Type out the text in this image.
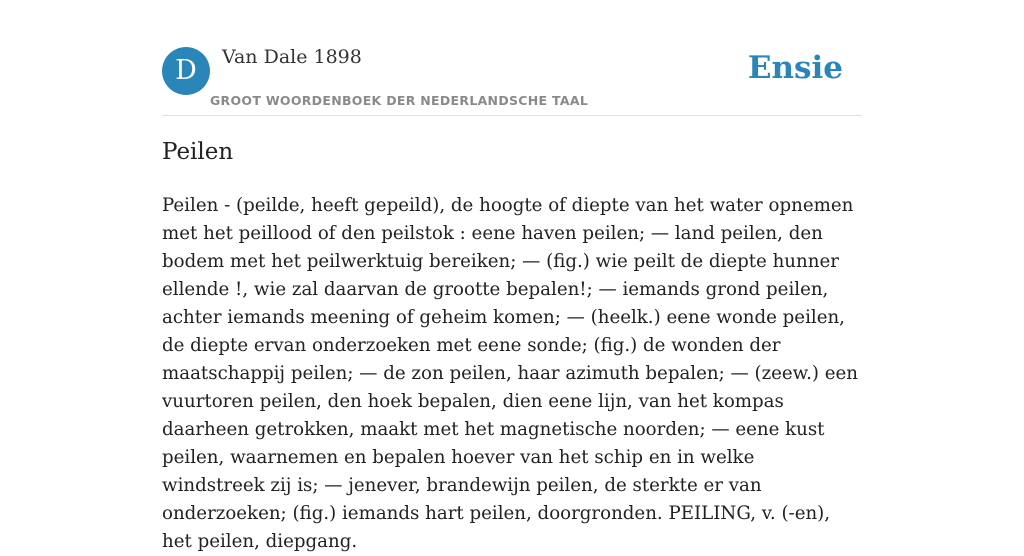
D	Van Dale 1898
GROOT WOORDENBOEK DER NEDERLANDSCHE TAAL
Ensie
Peilen

Peilen - (peilde, heeft gepeild), de hoogte of diepte van het water opnemen met het peillood of den peilstok : eene haven peilen; — land peilen, den bodem met het peilwerktuig bereiken; — (fig.) wie peilt de diepte hunner ellende !, wie zal daarvan de grootte bepalen!; — iemands grond peilen, achter iemands meening of geheim komen; — (heelk.) eene wonde peilen, de diepte ervan onderzoeken met eene sonde; (fig.) de wonden der maatschappij peilen; — de zon peilen, haar azimuth bepalen; — (zeew.) een vuurtoren peilen, den hoek bepalen, dien eene lijn, van het kompas daarheen getrokken, maakt met het magnetische noorden; — eene kust peilen, waarnemen en bepalen hoever van het schip en in welke windstreek zij is; — jenever, brandewijn peilen, de sterkte er van onderzoeken; (fig.) iemands hart peilen, doorgronden. PEILING, v. (-en), het peilen, diepgang.
